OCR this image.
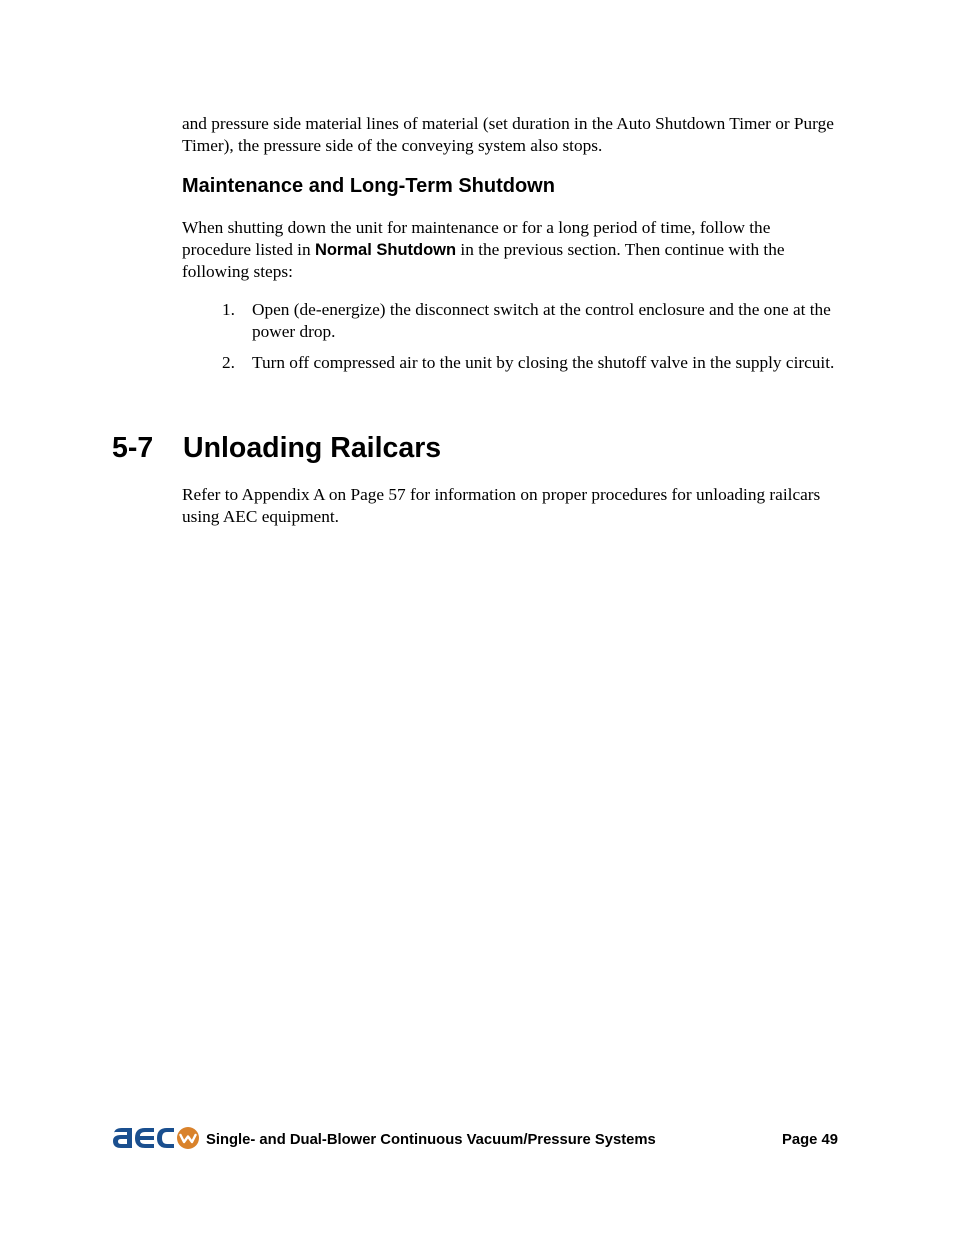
and pressure side material lines of material (set duration in the Auto Shutdown Timer or Purge Timer), the pressure side of the conveying system also stops.

Maintenance and Long-Term Shutdown

When shutting down the unit for maintenance or for a long period of time, follow the procedure listed in Normal Shutdown in the previous section. Then continue with the following steps:

1. Open (de-energize) the disconnect switch at the control enclosure and the one at the power drop.
2. Turn off compressed air to the unit by closing the shutoff valve in the supply circuit.
5-7 Unloading Railcars

Refer to Appendix A on Page 57 for information on proper procedures for unloading railcars using AEC equipment.

Single- and Dual-Blower Continuous Vacuum/Pressure Systems	Page 49
